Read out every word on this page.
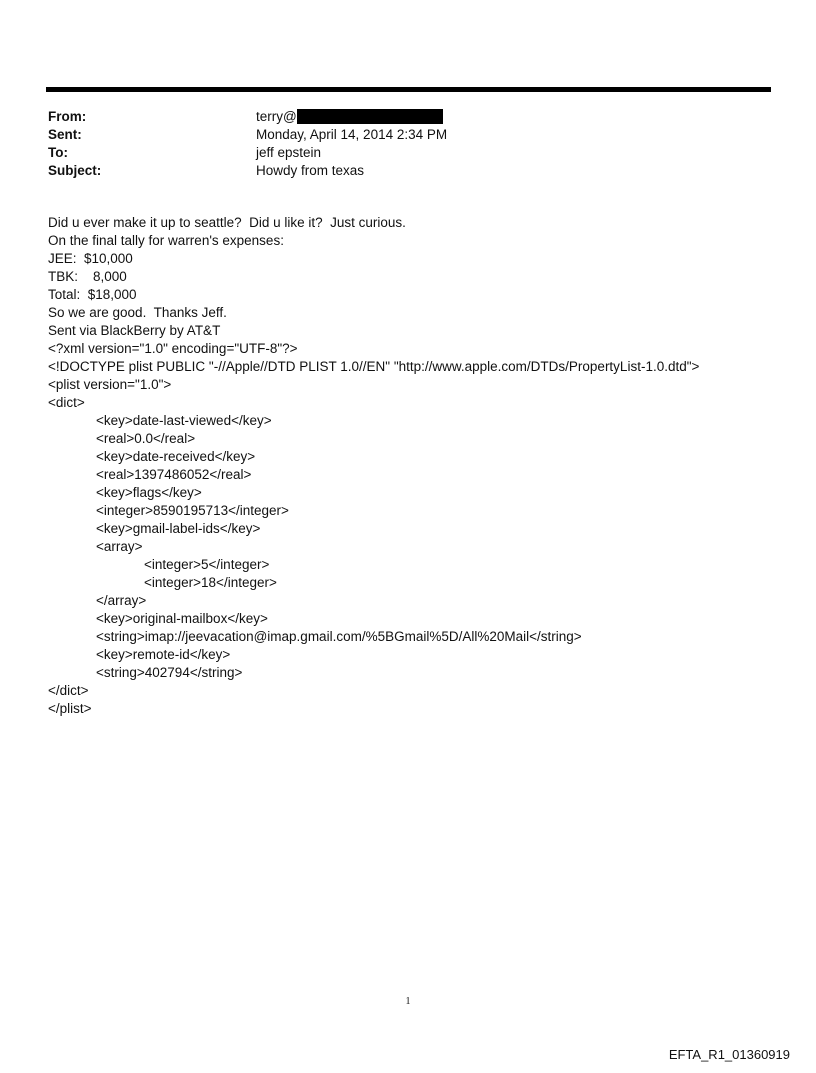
From:	terry@
Sent:	Monday, April 14, 2014 2:34 PM
To:	jeff epstein
Subject:	Howdy from texas
Did u ever make it up to seattle?  Did u like it?  Just curious.
On the final tally for warren's expenses:
JEE:  $10,000
TBK:    8,000
Total:  $18,000
So we are good.  Thanks Jeff.
Sent via BlackBerry by AT&T
<?xml version="1.0" encoding="UTF-8"?>
<!DOCTYPE plist PUBLIC "-//Apple//DTD PLIST 1.0//EN" "http://www.apple.com/DTDs/PropertyList-1.0.dtd">
<plist version="1.0">
<dict>
<key>date-last-viewed</key>
<real>0.0</real>
<key>date-received</key>
<real>1397486052</real>
<key>flags</key>
<integer>8590195713</integer>
<key>gmail-label-ids</key>
<array>
<integer>5</integer>
<integer>18</integer>
</array>
<key>original-mailbox</key>
<string>imap://jeevacation@imap.gmail.com/%5BGmail%5D/All%20Mail</string>
<key>remote-id</key>
<string>402794</string>
</dict>
</plist>
1
EFTA_R1_01360919
